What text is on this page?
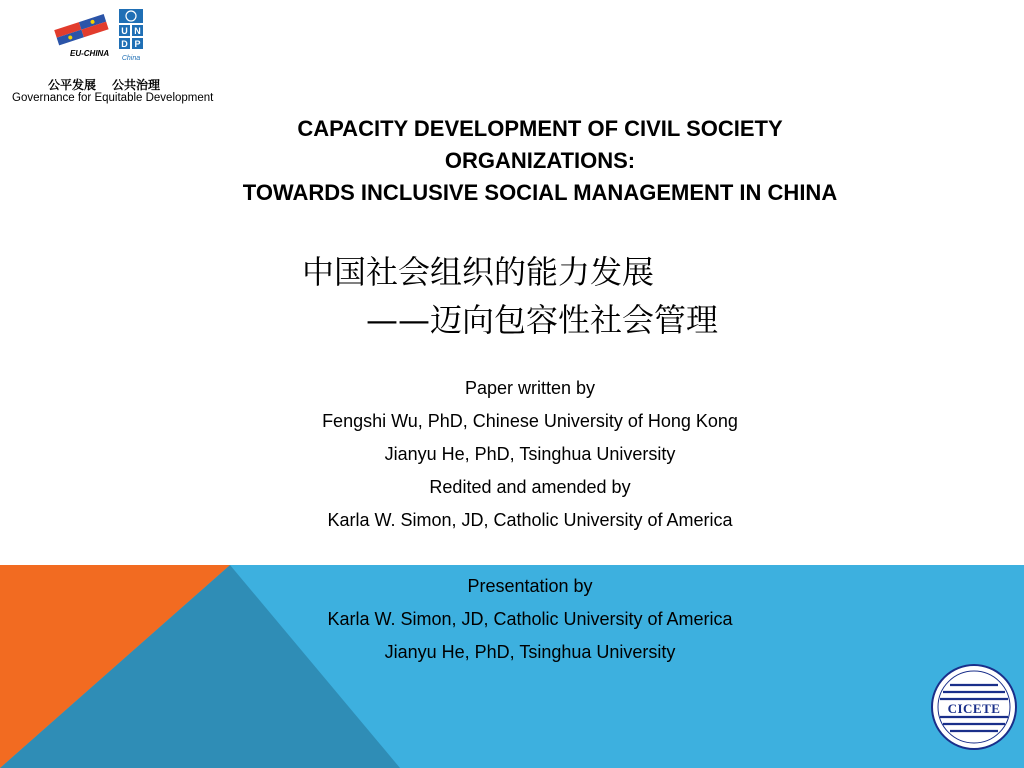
EU-CHINA
U N
D P
China
公平发展 公共治理
Governance for Equitable Development
CAPACITY DEVELOPMENT OF CIVIL SOCIETY
ORGANIZATIONS:
TOWARDS INCLUSIVE SOCIAL MANAGEMENT IN CHINA
中国社会组织的能力发展
——迈向包容性社会管理
Paper written by
Fengshi Wu, PhD, Chinese University of Hong Kong
Jianyu He, PhD, Tsinghua University
Redited and amended by
Karla W. Simon, JD, Catholic University of America
Presentation by
Karla W. Simon, JD, Catholic University of America
Jianyu He, PhD, Tsinghua University
CICETE
